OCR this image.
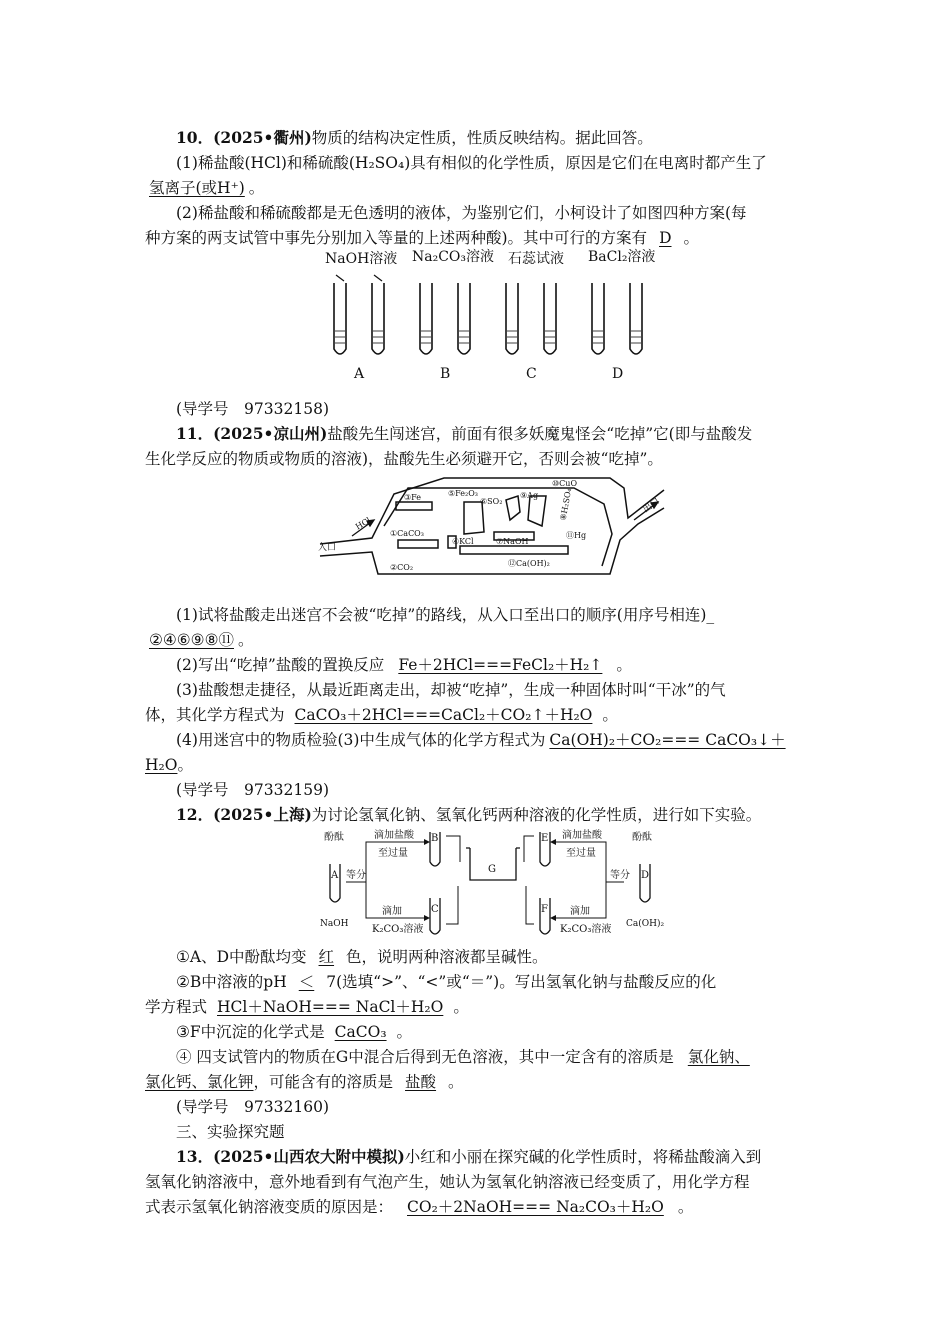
10．(2025•衢州)物质的结构决定性质，性质反映结构。据此回答。
(1)稀盐酸(HCl)和稀硫酸(H₂SO₄)具有相似的化学性质，原因是它们在电离时都产生了
氢离子(或H⁺) 。
(2)稀盐酸和稀硫酸都是无色透明的液体，为鉴别它们，小柯设计了如图四种方案(每
种方案的两支试管中事先分别加入等量的上述两种酸)。其中可行的方案有 D 。
NaOH溶液 Na₂CO₃溶液 石蕊试液 BaCl₂溶液
A	B	C	D
(导学号　97332158)
11．(2025•凉山州)盐酸先生闯迷宫，前面有很多妖魔鬼怪会“吃掉”它(即与盐酸发
生化学反应的物质或物质的溶液)，盐酸先生必须避开它，否则会被“吃掉”。
入口
出口
HCl
①CaCO₃
②CO₂
③Fe
④KCl
⑤Fe₂O₃
⑥SO₂
⑦NaOH
⑧H₂SO₄
⑨Ag
⑩CuO
⑪Hg
⑫Ca(OH)₂
(1)试将盐酸走出迷宫不会被“吃掉”的路线，从入口至出口的顺序(用序号相连)_
②④⑥⑨⑧⑪ 。
(2)写出“吃掉”盐酸的置换反应 Fe＋2HCl===FeCl₂＋H₂↑ 。
(3)盐酸想走捷径，从最近距离走出，却被“吃掉”，生成一种固体时叫“干冰”的气
体，其化学方程式为 CaCO₃＋2HCl===CaCl₂＋CO₂↑＋H₂O 。
(4)用迷宫中的物质检验(3)中生成气体的化学方程式为 Ca(OH)₂＋CO₂=== CaCO₃↓＋
H₂O。
(导学号　97332159)
12．(2025•上海)为讨论氢氧化钠、氢氧化钙两种溶液的化学性质，进行如下实验。
A
B
C
D
E
F
G
酚酞	酚酞
NaOH	Ca(OH)₂
等分	等分
滴加盐酸
至过量
滴加盐酸
至过量
滴加
K₂CO₃溶液
滴加
K₂CO₃溶液
①A、D中酚酞均变 红 色，说明两种溶液都呈碱性。
②B中溶液的pH ＜ 7(选填“>”、“<”或“＝”)。写出氢氧化钠与盐酸反应的化
学方程式 HCl＋NaOH=== NaCl＋H₂O 。
③F中沉淀的化学式是 CaCO₃ 。
④ 四支试管内的物质在G中混合后得到无色溶液，其中一定含有的溶质是 氯化钠、
氯化钙、氯化钾，可能含有的溶质是 盐酸 。
(导学号　97332160)
三、实验探究题
13．(2025•山西农大附中模拟)小红和小丽在探究碱的化学性质时，将稀盐酸滴入到
氢氧化钠溶液中，意外地看到有气泡产生，她认为氢氧化钠溶液已经变质了，用化学方程
式表示氢氧化钠溶液变质的原因是： CO₂＋2NaOH=== Na₂CO₃＋H₂O 。
